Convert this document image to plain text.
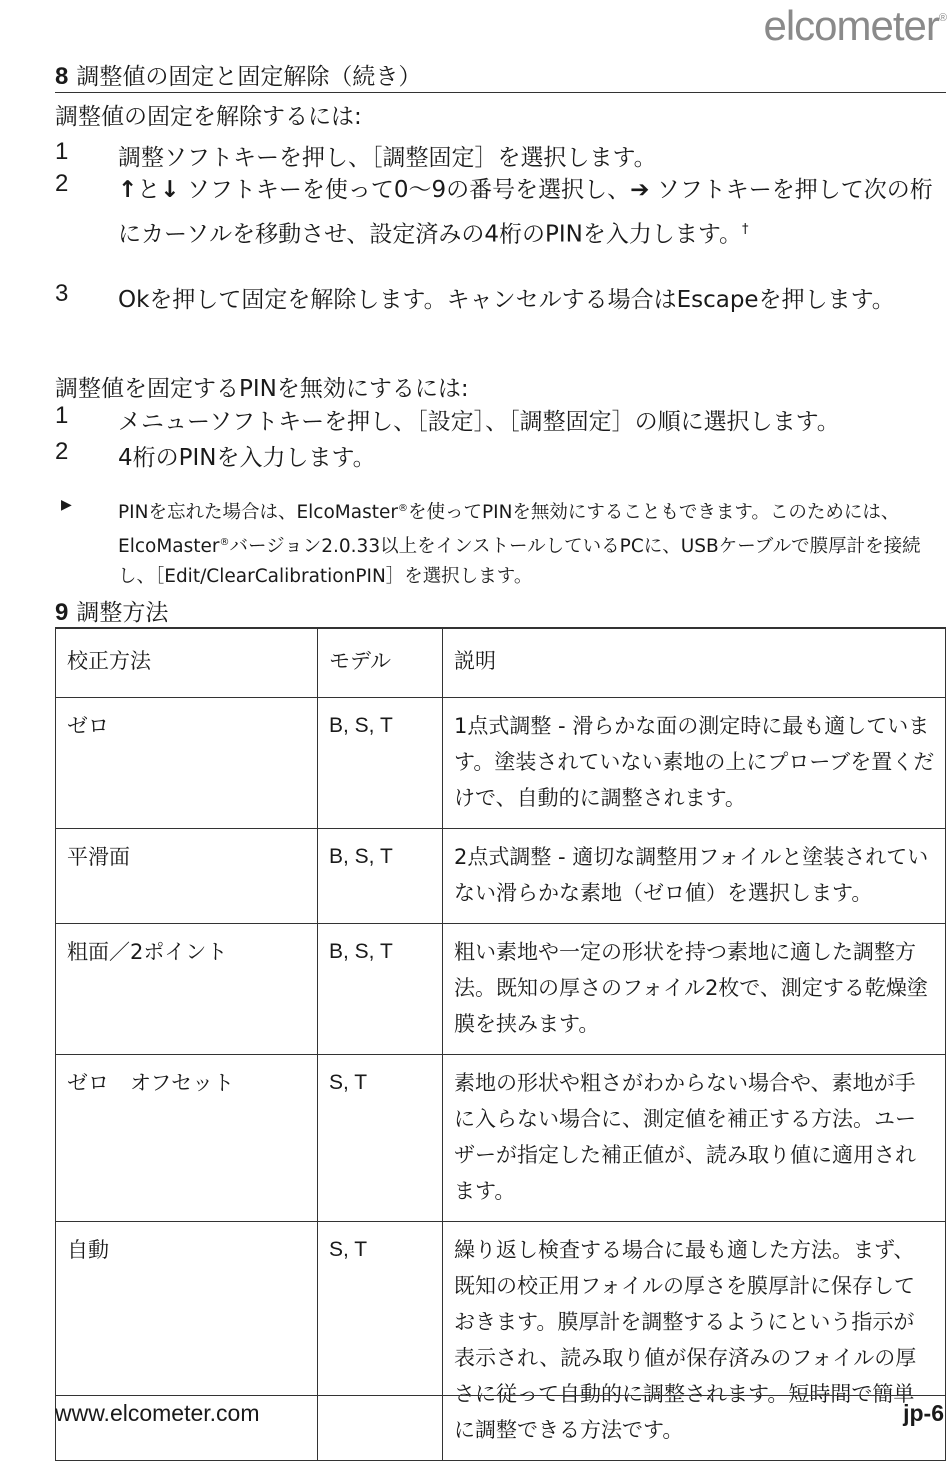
elcometer®
8 調整値の固定と固定解除（続き）
調整値の固定を解除するには:
1 調整ソフトキーを押し、［調整固定］を選択します。
2 ↑と↓ ソフトキーを使って0～9の番号を選択し、➔ ソフトキーを押して次の桁にカーソルを移動させ、設定済みの4桁のPINを入力します。†
3 Okを押して固定を解除します。キャンセルする場合はEscapeを押します。
調整値を固定するPINを無効にするには:
1 メニューソフトキーを押し、［設定］、［調整固定］の順に選択します。
2 4桁のPINを入力します。
▶ PINを忘れた場合は、ElcoMaster®を使ってPINを無効にすることもできます。このためには、ElcoMaster®バージョン2.0.33以上をインストールしているPCに、USBケーブルで膜厚計を接続し、［Edit/ClearCalibrationPIN］を選択します。
9 調整方法
校正方法	モデル	説明
ゼロ	B, S, T	1点式調整 - 滑らかな面の測定時に最も適しています。塗装されていない素地の上にプローブを置くだけで、自動的に調整されます。
平滑面	B, S, T	2点式調整 - 適切な調整用フォイルと塗装されていない滑らかな素地（ゼロ値）を選択します。
粗面／2ポイント	B, S, T	粗い素地や一定の形状を持つ素地に適した調整方法。既知の厚さのフォイル2枚で、測定する乾燥塗膜を挟みます。
ゼロ　オフセット	S, T	素地の形状や粗さがわからない場合や、素地が手に入らない場合に、測定値を補正する方法。ユーザーが指定した補正値が、読み取り値に適用されます。
自動	S, T	繰り返し検査する場合に最も適した方法。まず、既知の校正用フォイルの厚さを膜厚計に保存しておきます。膜厚計を調整するようにという指示が表示され、読み取り値が保存済みのフォイルの厚さに従って自動的に調整されます。短時間で簡単に調整できる方法です。
www.elcometer.com	jp-6
